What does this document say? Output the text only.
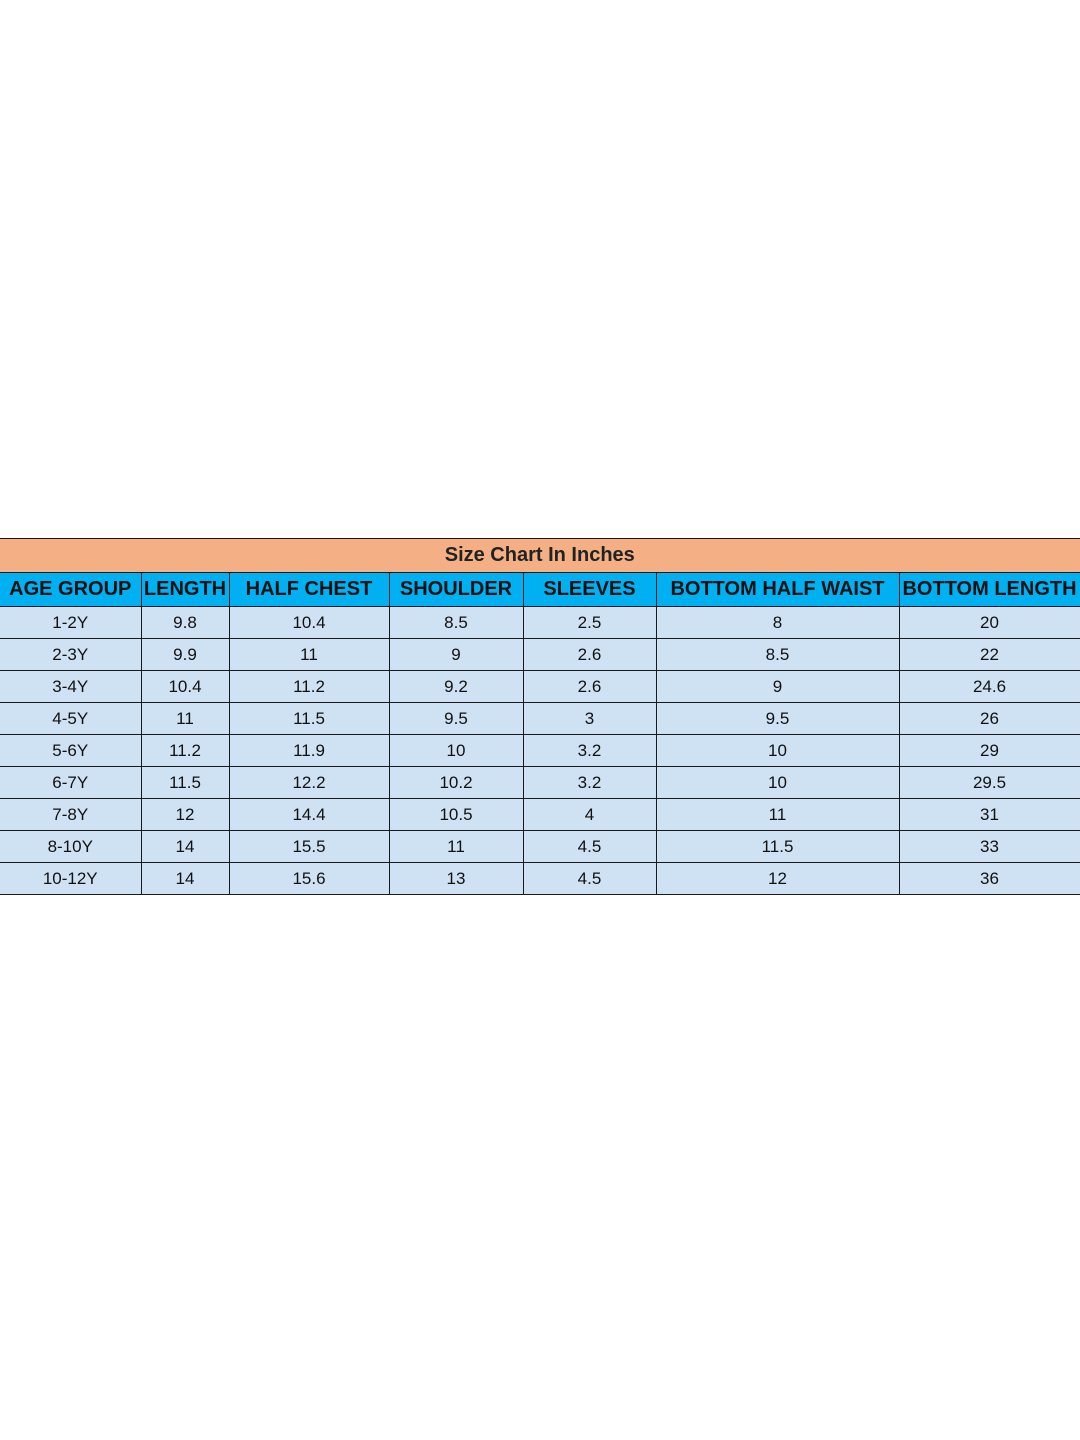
Size Chart In Inches						
AGE GROUP	LENGTH	HALF CHEST	SHOULDER	SLEEVES	BOTTOM HALF WAIST	BOTTOM LENGTH
1-2Y	9.8	10.4	8.5	2.5	8	20
2-3Y	9.9	11	9	2.6	8.5	22
3-4Y	10.4	11.2	9.2	2.6	9	24.6
4-5Y	11	11.5	9.5	3	9.5	26
5-6Y	11.2	11.9	10	3.2	10	29
6-7Y	11.5	12.2	10.2	3.2	10	29.5
7-8Y	12	14.4	10.5	4	11	31
8-10Y	14	15.5	11	4.5	11.5	33
10-12Y	14	15.6	13	4.5	12	36
